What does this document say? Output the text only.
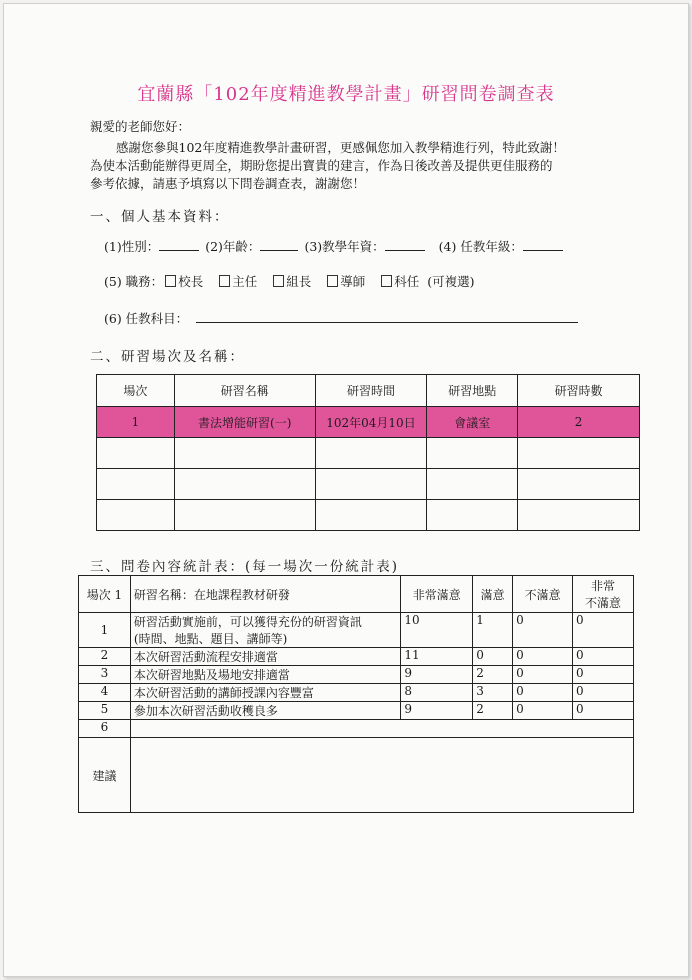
宜蘭縣「102年度精進教學計畫」研習問卷調查表
親愛的老師您好：
感謝您參與102年度精進教學計畫研習，更感佩您加入教學精進行列，特此致謝！
為使本活動能辦得更周全，期盼您提出寶貴的建言，作為日後改善及提供更佳服務的
參考依據，請惠予填寫以下問卷調查表，謝謝您！
一、個人基本資料：
(1)性別：	(2)年齡：	(3)教學年資：	(4) 任教年級：
(5) 職務： 校長 主任 組長 導師 科任 (可複選)
(6) 任教科目：
二、研習場次及名稱：
場次	研習名稱	研習時間	研習地點	研習時數
1	書法增能研習(一)	102年04月10日	會議室	2

三、問卷內容統計表：(每一場次一份統計表)
場次 1	研習名稱：在地課程教材研發	非常滿意	滿意	不滿意	非常
不滿意

1	研習活動實施前，可以獲得充份的研習資訊
(時間、地點、題目、講師等)	10	1	0	0
2	本次研習活動流程安排適當	11	0	0	0
3	本次研習地點及場地安排適當	9	2	0	0
4	本次研習活動的講師授課內容豐富	8	3	0	0
5	參加本次研習活動收穫良多	9	2	0	0
6					
建議					
